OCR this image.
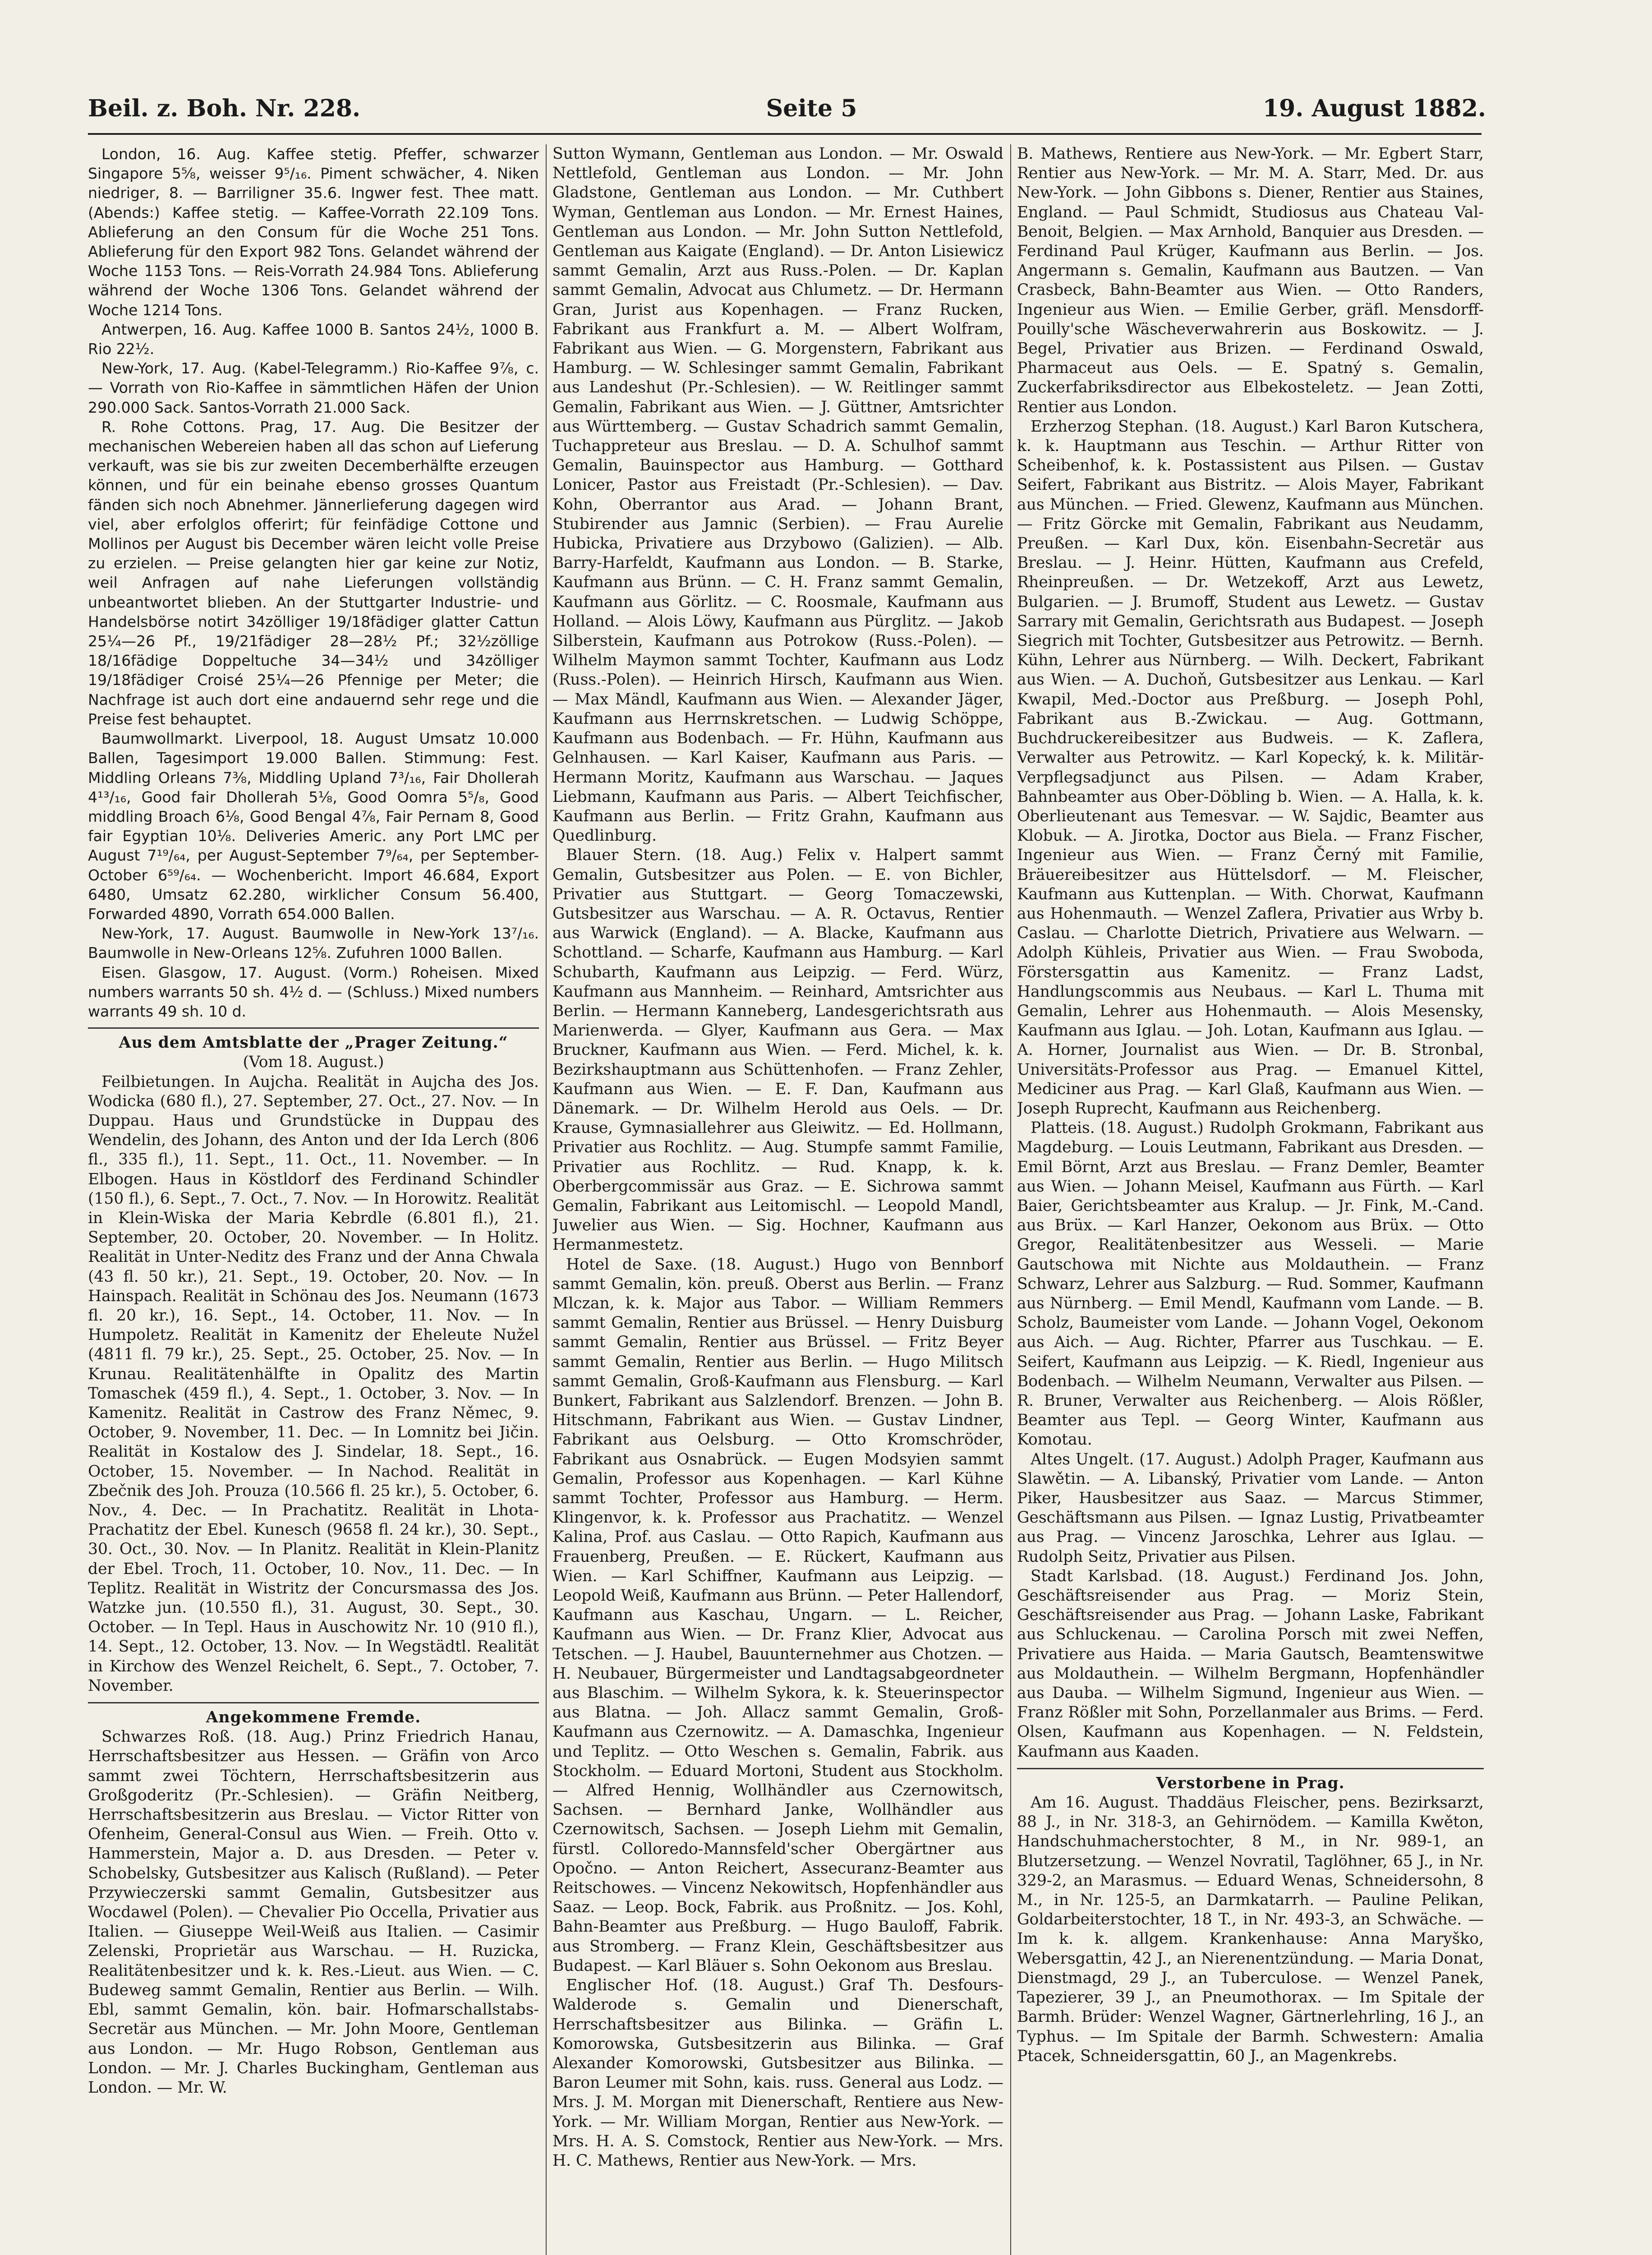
Beil. z. Boh. Nr. 228.	Seite 5	19. August 1882.

London, 16. Aug. Kaffee stetig. Pfeffer, schwarzer Singapore 5⅝, weisser 9⁵/₁₆. Piment schwächer, 4. Niken niedriger, 8. — Barriligner 35.6. Ingwer fest. Thee matt. (Abends:) Kaffee stetig. — Kaffee-Vorrath 22.109 Tons. Ablieferung an den Consum für die Woche 251 Tons. Ablieferung für den Export 982 Tons. Gelandet während der Woche 1153 Tons. — Reis-Vorrath 24.984 Tons. Ablieferung während der Woche 1306 Tons. Gelandet während der Woche 1214 Tons.

Antwerpen, 16. Aug. Kaffee 1000 B. Santos 24½, 1000 B. Rio 22½.

New-York, 17. Aug. (Kabel-Telegramm.) Rio-Kaffee 9⅞, c. — Vorrath von Rio-Kaffee in sämmtlichen Häfen der Union 290.000 Sack. Santos-Vorrath 21.000 Sack.

R. Rohe Cottons. Prag, 17. Aug. Die Besitzer der mechanischen Webereien haben all das schon auf Lieferung verkauft, was sie bis zur zweiten Decemberhälfte erzeugen können, und für ein beinahe ebenso grosses Quantum fänden sich noch Abnehmer. Jännerlieferung dagegen wird viel, aber erfolglos offerirt; für feinfädige Cottone und Mollinos per August bis December wären leicht volle Preise zu erzielen. — Preise gelangten hier gar keine zur Notiz, weil Anfragen auf nahe Lieferungen vollständig unbeantwortet blieben. An der Stuttgarter Industrie- und Handelsbörse notirt 34zölliger 19/18fädiger glatter Cattun 25¼—26 Pf., 19/21fädiger 28—28½ Pf.; 32½zöllige 18/16fädige Doppeltuche 34—34½ und 34zölliger 19/18fädiger Croisé 25¼—26 Pfennige per Meter; die Nachfrage ist auch dort eine andauernd sehr rege und die Preise fest behauptet.

Baumwollmarkt. Liverpool, 18. August Umsatz 10.000 Ballen, Tagesimport 19.000 Ballen. Stimmung: Fest. Middling Orleans 7⅜, Middling Upland 7³/₁₆, Fair Dhollerah 4¹³/₁₆, Good fair Dhollerah 5⅛, Good Oomra 5⁵/₈, Good middling Broach 6⅛, Good Bengal 4⅞, Fair Pernam 8, Good fair Egyptian 10⅛. Deliveries Americ. any Port LMC per August 7¹⁹/₆₄, per August-September 7⁹/₆₄, per September-October 6⁵⁹/₆₄. — Wochenbericht. Import 46.684, Export 6480, Umsatz 62.280, wirklicher Consum 56.400, Forwarded 4890, Vorrath 654.000 Ballen.

New-York, 17. August. Baumwolle in New-York 13⁷/₁₆. Baumwolle in New-Orleans 12⅝. Zufuhren 1000 Ballen.

Eisen. Glasgow, 17. August. (Vorm.) Roheisen. Mixed numbers warrants 50 sh. 4½ d. — (Schluss.) Mixed numbers warrants 49 sh. 10 d.

Aus dem Amtsblatte der „Prager Zeitung.“

(Vom 18. August.)

Feilbietungen. In Aujcha. Realität in Aujcha des Jos. Wodicka (680 fl.), 27. September, 27. Oct., 27. Nov. — In Duppau. Haus und Grundstücke in Duppau des Wendelin, des Johann, des Anton und der Ida Lerch (806 fl., 335 fl.), 11. Sept., 11. Oct., 11. November. — In Elbogen. Haus in Köstldorf des Ferdinand Schindler (150 fl.), 6. Sept., 7. Oct., 7. Nov. — In Horowitz. Realität in Klein-Wiska der Maria Kebrdle (6.801 fl.), 21. September, 20. October, 20. November. — In Holitz. Realität in Unter-Neditz des Franz und der Anna Chwala (43 fl. 50 kr.), 21. Sept., 19. October, 20. Nov. — In Hainspach. Realität in Schönau des Jos. Neumann (1673 fl. 20 kr.), 16. Sept., 14. October, 11. Nov. — In Humpoletz. Realität in Kamenitz der Eheleute Nužel (4811 fl. 79 kr.), 25. Sept., 25. October, 25. Nov. — In Krunau. Realitätenhälfte in Opalitz des Martin Tomaschek (459 fl.), 4. Sept., 1. October, 3. Nov. — In Kamenitz. Realität in Castrow des Franz Němec, 9. October, 9. November, 11. Dec. — In Lomnitz bei Jičin. Realität in Kostalow des J. Sindelar, 18. Sept., 16. October, 15. November. — In Nachod. Realität in Zbečnik des Joh. Prouza (10.566 fl. 25 kr.), 5. October, 6. Nov., 4. Dec. — In Prachatitz. Realität in Lhota-Prachatitz der Ebel. Kunesch (9658 fl. 24 kr.), 30. Sept., 30. Oct., 30. Nov. — In Planitz. Realität in Klein-Planitz der Ebel. Troch, 11. October, 10. Nov., 11. Dec. — In Teplitz. Realität in Wistritz der Concursmassa des Jos. Watzke jun. (10.550 fl.), 31. August, 30. Sept., 30. October. — In Tepl. Haus in Auschowitz Nr. 10 (910 fl.), 14. Sept., 12. October, 13. Nov. — In Wegstädtl. Realität in Kirchow des Wenzel Reichelt, 6. Sept., 7. October, 7. November.

Angekommene Fremde.

Schwarzes Roß. (18. Aug.) Prinz Friedrich Hanau, Herrschaftsbesitzer aus Hessen. — Gräfin von Arco sammt zwei Töchtern, Herrschaftsbesitzerin aus Großgoderitz (Pr.-Schlesien). — Gräfin Neitberg, Herrschaftsbesitzerin aus Breslau. — Victor Ritter von Ofenheim, General-Consul aus Wien. — Freih. Otto v. Hammerstein, Major a. D. aus Dresden. — Peter v. Schobelsky, Gutsbesitzer aus Kalisch (Rußland). — Peter Przywieczerski sammt Gemalin, Gutsbesitzer aus Wocdawel (Polen). — Chevalier Pio Occella, Privatier aus Italien. — Giuseppe Weil-Weiß aus Italien. — Casimir Zelenski, Proprietär aus Warschau. — H. Ruzicka, Realitätenbesitzer und k. k. Res.-Lieut. aus Wien. — C. Budeweg sammt Gemalin, Rentier aus Berlin. — Wilh. Ebl, sammt Gemalin, kön. bair. Hofmarschallstabs-Secretär aus München. — Mr. John Moore, Gentleman aus London. — Mr. Hugo Robson, Gentleman aus London. — Mr. J. Charles Buckingham, Gentleman aus London. — Mr. W.

Sutton Wymann, Gentleman aus London. — Mr. Oswald Nettlefold, Gentleman aus London. — Mr. John Gladstone, Gentleman aus London. — Mr. Cuthbert Wyman, Gentleman aus London. — Mr. Ernest Haines, Gentleman aus London. — Mr. John Sutton Nettlefold, Gentleman aus Kaigate (England). — Dr. Anton Lisiewicz sammt Gemalin, Arzt aus Russ.-Polen. — Dr. Kaplan sammt Gemalin, Advocat aus Chlumetz. — Dr. Hermann Gran, Jurist aus Kopenhagen. — Franz Rucken, Fabrikant aus Frankfurt a. M. — Albert Wolfram, Fabrikant aus Wien. — G. Morgenstern, Fabrikant aus Hamburg. — W. Schlesinger sammt Gemalin, Fabrikant aus Landeshut (Pr.-Schlesien). — W. Reitlinger sammt Gemalin, Fabrikant aus Wien. — J. Güttner, Amtsrichter aus Württemberg. — Gustav Schadrich sammt Gemalin, Tuchappreteur aus Breslau. — D. A. Schulhof sammt Gemalin, Bauinspector aus Hamburg. — Gotthard Lonicer, Pastor aus Freistadt (Pr.-Schlesien). — Dav. Kohn, Oberrantor aus Arad. — Johann Brant, Stubirender aus Jamnic (Serbien). — Frau Aurelie Hubicka, Privatiere aus Drzybowo (Galizien). — Alb. Barry-Harfeldt, Kaufmann aus London. — B. Starke, Kaufmann aus Brünn. — C. H. Franz sammt Gemalin, Kaufmann aus Görlitz. — C. Roosmale, Kaufmann aus Holland. — Alois Löwy, Kaufmann aus Pürglitz. — Jakob Silberstein, Kaufmann aus Potrokow (Russ.-Polen). — Wilhelm Maymon sammt Tochter, Kaufmann aus Lodz (Russ.-Polen). — Heinrich Hirsch, Kaufmann aus Wien. — Max Mändl, Kaufmann aus Wien. — Alexander Jäger, Kaufmann aus Herrnskretschen. — Ludwig Schöppe, Kaufmann aus Bodenbach. — Fr. Hühn, Kaufmann aus Gelnhausen. — Karl Kaiser, Kaufmann aus Paris. — Hermann Moritz, Kaufmann aus Warschau. — Jaques Liebmann, Kaufmann aus Paris. — Albert Teichfischer, Kaufmann aus Berlin. — Fritz Grahn, Kaufmann aus Quedlinburg.

Blauer Stern. (18. Aug.) Felix v. Halpert sammt Gemalin, Gutsbesitzer aus Polen. — E. von Bichler, Privatier aus Stuttgart. — Georg Tomaczewski, Gutsbesitzer aus Warschau. — A. R. Octavus, Rentier aus Warwick (England). — A. Blacke, Kaufmann aus Schottland. — Scharfe, Kaufmann aus Hamburg. — Karl Schubarth, Kaufmann aus Leipzig. — Ferd. Würz, Kaufmann aus Mannheim. — Reinhard, Amtsrichter aus Berlin. — Hermann Kanneberg, Landesgerichtsrath aus Marienwerda. — Glyer, Kaufmann aus Gera. — Max Bruckner, Kaufmann aus Wien. — Ferd. Michel, k. k. Bezirkshauptmann aus Schüttenhofen. — Franz Zehler, Kaufmann aus Wien. — E. F. Dan, Kaufmann aus Dänemark. — Dr. Wilhelm Herold aus Oels. — Dr. Krause, Gymnasiallehrer aus Gleiwitz. — Ed. Hollmann, Privatier aus Rochlitz. — Aug. Stumpfe sammt Familie, Privatier aus Rochlitz. — Rud. Knapp, k. k. Oberbergcommissär aus Graz. — E. Sichrowa sammt Gemalin, Fabrikant aus Leitomischl. — Leopold Mandl, Juwelier aus Wien. — Sig. Hochner, Kaufmann aus Hermanmestetz.

Hotel de Saxe. (18. August.) Hugo von Bennborf sammt Gemalin, kön. preuß. Oberst aus Berlin. — Franz Mlczan, k. k. Major aus Tabor. — William Remmers sammt Gemalin, Rentier aus Brüssel. — Henry Duisburg sammt Gemalin, Rentier aus Brüssel. — Fritz Beyer sammt Gemalin, Rentier aus Berlin. — Hugo Militsch sammt Gemalin, Groß-Kaufmann aus Flensburg. — Karl Bunkert, Fabrikant aus Salzlendorf. Brenzen. — John B. Hitschmann, Fabrikant aus Wien. — Gustav Lindner, Fabrikant aus Oelsburg. — Otto Kromschröder, Fabrikant aus Osnabrück. — Eugen Modsyien sammt Gemalin, Professor aus Kopenhagen. — Karl Kühne sammt Tochter, Professor aus Hamburg. — Herm. Klingenvor, k. k. Professor aus Prachatitz. — Wenzel Kalina, Prof. aus Caslau. — Otto Rapich, Kaufmann aus Frauenberg, Preußen. — E. Rückert, Kaufmann aus Wien. — Karl Schiffner, Kaufmann aus Leipzig. — Leopold Weiß, Kaufmann aus Brünn. — Peter Hallendorf, Kaufmann aus Kaschau, Ungarn. — L. Reicher, Kaufmann aus Wien. — Dr. Franz Klier, Advocat aus Tetschen. — J. Haubel, Bauunternehmer aus Chotzen. — H. Neubauer, Bürgermeister und Landtagsabgeordneter aus Blaschim. — Wilhelm Sykora, k. k. Steuerinspector aus Blatna. — Joh. Allacz sammt Gemalin, Groß-Kaufmann aus Czernowitz. — A. Damaschka, Ingenieur und Teplitz. — Otto Weschen s. Gemalin, Fabrik. aus Stockholm. — Eduard Mortoni, Student aus Stockholm. — Alfred Hennig, Wollhändler aus Czernowitsch, Sachsen. — Bernhard Janke, Wollhändler aus Czernowitsch, Sachsen. — Joseph Liehm mit Gemalin, fürstl. Colloredo-Mannsfeld'scher Obergärtner aus Opočno. — Anton Reichert, Assecuranz-Beamter aus Reitschowes. — Vincenz Nekowitsch, Hopfenhändler aus Saaz. — Leop. Bock, Fabrik. aus Proßnitz. — Jos. Kohl, Bahn-Beamter aus Preßburg. — Hugo Bauloff, Fabrik. aus Stromberg. — Franz Klein, Geschäftsbesitzer aus Budapest. — Karl Bläuer s. Sohn Oekonom aus Breslau.

Englischer Hof. (18. August.) Graf Th. Desfours-Walderode s. Gemalin und Dienerschaft, Herrschaftsbesitzer aus Bilinka. — Gräfin L. Komorowska, Gutsbesitzerin aus Bilinka. — Graf Alexander Komorowski, Gutsbesitzer aus Bilinka. — Baron Leumer mit Sohn, kais. russ. General aus Lodz. — Mrs. J. M. Morgan mit Dienerschaft, Rentiere aus New-York. — Mr. William Morgan, Rentier aus New-York. — Mrs. H. A. S. Comstock, Rentier aus New-York. — Mrs. H. C. Mathews, Rentier aus New-York. — Mrs.

B. Mathews, Rentiere aus New-York. — Mr. Egbert Starr, Rentier aus New-York. — Mr. M. A. Starr, Med. Dr. aus New-York. — John Gibbons s. Diener, Rentier aus Staines, England. — Paul Schmidt, Studiosus aus Chateau Val-Benoit, Belgien. — Max Arnhold, Banquier aus Dresden. — Ferdinand Paul Krüger, Kaufmann aus Berlin. — Jos. Angermann s. Gemalin, Kaufmann aus Bautzen. — Van Crasbeck, Bahn-Beamter aus Wien. — Otto Randers, Ingenieur aus Wien. — Emilie Gerber, gräfl. Mensdorff-Pouilly'sche Wäscheverwahrerin aus Boskowitz. — J. Begel, Privatier aus Brizen. — Ferdinand Oswald, Pharmaceut aus Oels. — E. Spatný s. Gemalin, Zuckerfabriksdirector aus Elbekosteletz. — Jean Zotti, Rentier aus London.

Erzherzog Stephan. (18. August.) Karl Baron Kutschera, k. k. Hauptmann aus Teschin. — Arthur Ritter von Scheibenhof, k. k. Postassistent aus Pilsen. — Gustav Seifert, Fabrikant aus Bistritz. — Alois Mayer, Fabrikant aus München. — Fried. Glewenz, Kaufmann aus München. — Fritz Görcke mit Gemalin, Fabrikant aus Neudamm, Preußen. — Karl Dux, kön. Eisenbahn-Secretär aus Breslau. — J. Heinr. Hütten, Kaufmann aus Crefeld, Rheinpreußen. — Dr. Wetzekoff, Arzt aus Lewetz, Bulgarien. — J. Brumoff, Student aus Lewetz. — Gustav Sarrary mit Gemalin, Gerichtsrath aus Budapest. — Joseph Siegrich mit Tochter, Gutsbesitzer aus Petrowitz. — Bernh. Kühn, Lehrer aus Nürnberg. — Wilh. Deckert, Fabrikant aus Wien. — A. Duchoň, Gutsbesitzer aus Lenkau. — Karl Kwapil, Med.-Doctor aus Preßburg. — Joseph Pohl, Fabrikant aus B.-Zwickau. — Aug. Gottmann, Buchdruckereibesitzer aus Budweis. — K. Zaflera, Verwalter aus Petrowitz. — Karl Kopecký, k. k. Militär-Verpflegsadjunct aus Pilsen. — Adam Kraber, Bahnbeamter aus Ober-Döbling b. Wien. — A. Halla, k. k. Oberlieutenant aus Temesvar. — W. Sajdic, Beamter aus Klobuk. — A. Jirotka, Doctor aus Biela. — Franz Fischer, Ingenieur aus Wien. — Franz Černý mit Familie, Bräuereibesitzer aus Hüttelsdorf. — M. Fleischer, Kaufmann aus Kuttenplan. — With. Chorwat, Kaufmann aus Hohenmauth. — Wenzel Zaflera, Privatier aus Wrby b. Caslau. — Charlotte Dietrich, Privatiere aus Welwarn. — Adolph Kühleis, Privatier aus Wien. — Frau Swoboda, Förstersgattin aus Kamenitz. — Franz Ladst, Handlungscommis aus Neubaus. — Karl L. Thuma mit Gemalin, Lehrer aus Hohenmauth. — Alois Mesensky, Kaufmann aus Iglau. — Joh. Lotan, Kaufmann aus Iglau. — A. Horner, Journalist aus Wien. — Dr. B. Stronbal, Universitäts-Professor aus Prag. — Emanuel Kittel, Mediciner aus Prag. — Karl Glaß, Kaufmann aus Wien. — Joseph Ruprecht, Kaufmann aus Reichenberg.

Platteis. (18. August.) Rudolph Grokmann, Fabrikant aus Magdeburg. — Louis Leutmann, Fabrikant aus Dresden. — Emil Börnt, Arzt aus Breslau. — Franz Demler, Beamter aus Wien. — Johann Meisel, Kaufmann aus Fürth. — Karl Baier, Gerichtsbeamter aus Kralup. — Jr. Fink, M.-Cand. aus Brüx. — Karl Hanzer, Oekonom aus Brüx. — Otto Gregor, Realitätenbesitzer aus Wesseli. — Marie Gautschowa mit Nichte aus Moldauthein. — Franz Schwarz, Lehrer aus Salzburg. — Rud. Sommer, Kaufmann aus Nürnberg. — Emil Mendl, Kaufmann vom Lande. — B. Scholz, Baumeister vom Lande. — Johann Vogel, Oekonom aus Aich. — Aug. Richter, Pfarrer aus Tuschkau. — E. Seifert, Kaufmann aus Leipzig. — K. Riedl, Ingenieur aus Bodenbach. — Wilhelm Neumann, Verwalter aus Pilsen. — R. Bruner, Verwalter aus Reichenberg. — Alois Rößler, Beamter aus Tepl. — Georg Winter, Kaufmann aus Komotau.

Altes Ungelt. (17. August.) Adolph Prager, Kaufmann aus Slawětin. — A. Libanský, Privatier vom Lande. — Anton Piker, Hausbesitzer aus Saaz. — Marcus Stimmer, Geschäftsmann aus Pilsen. — Ignaz Lustig, Privatbeamter aus Prag. — Vincenz Jaroschka, Lehrer aus Iglau. — Rudolph Seitz, Privatier aus Pilsen.

Stadt Karlsbad. (18. August.) Ferdinand Jos. John, Geschäftsreisender aus Prag. — Moriz Stein, Geschäftsreisender aus Prag. — Johann Laske, Fabrikant aus Schluckenau. — Carolina Porsch mit zwei Neffen, Privatiere aus Haida. — Maria Gautsch, Beamtenswitwe aus Moldauthein. — Wilhelm Bergmann, Hopfenhändler aus Dauba. — Wilhelm Sigmund, Ingenieur aus Wien. — Franz Rößler mit Sohn, Porzellanmaler aus Brims. — Ferd. Olsen, Kaufmann aus Kopenhagen. — N. Feldstein, Kaufmann aus Kaaden.

Verstorbene in Prag.

Am 16. August. Thaddäus Fleischer, pens. Bezirksarzt, 88 J., in Nr. 318-3, an Gehirnödem. — Kamilla Kwěton, Handschuhmacherstochter, 8 M., in Nr. 989-1, an Blutzersetzung. — Wenzel Novratil, Taglöhner, 65 J., in Nr. 329-2, an Marasmus. — Eduard Wenas, Schneidersohn, 8 M., in Nr. 125-5, an Darmkatarrh. — Pauline Pelikan, Goldarbeiterstochter, 18 T., in Nr. 493-3, an Schwäche. — Im k. k. allgem. Krankenhause: Anna Maryško, Webersgattin, 42 J., an Nierenentzündung. — Maria Donat, Dienstmagd, 29 J., an Tuberculose. — Wenzel Panek, Tapezierer, 39 J., an Pneumothorax. — Im Spitale der Barmh. Brüder: Wenzel Wagner, Gärtnerlehrling, 16 J., an Typhus. — Im Spitale der Barmh. Schwestern: Amalia Ptacek, Schneidersgattin, 60 J., an Magenkrebs.
